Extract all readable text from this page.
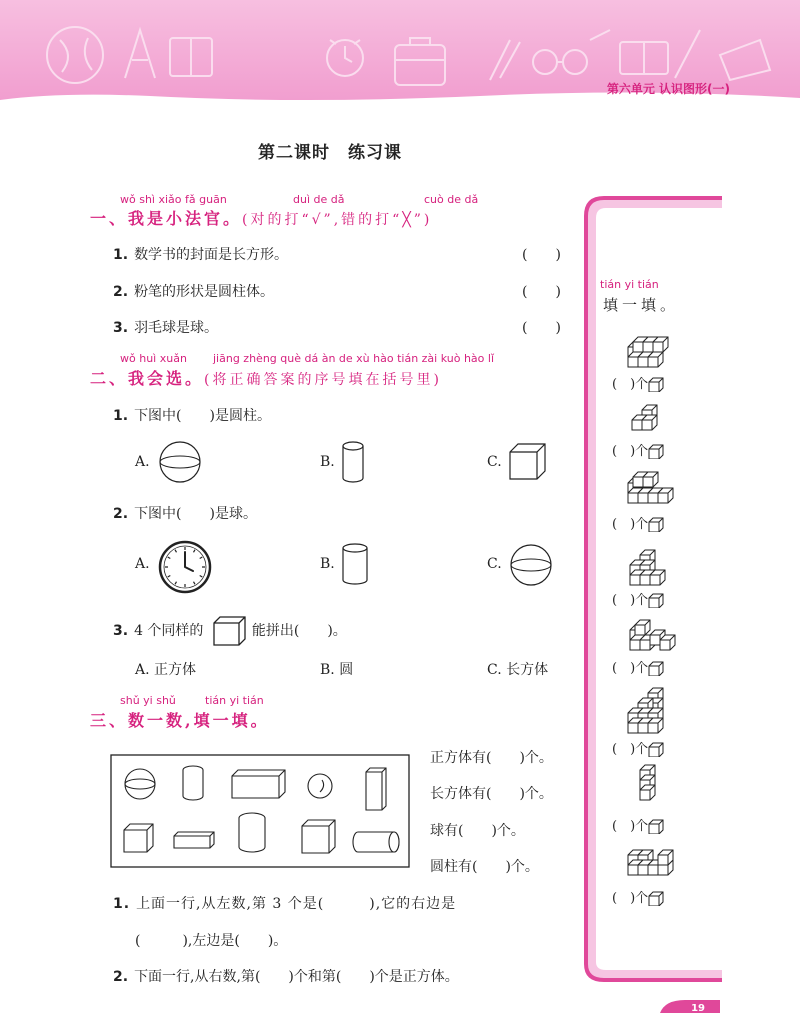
第六单元 认识图形(一)
第二课时　练习课
tián yi tián
填一填。
(　)个
(　)个
(　)个
(　)个
(　)个
(　)个
(　)个
(　)个
wǒ shì xiǎo fǎ guān	duì de dǎ	cuò de dǎ
一、我是小法官。(对的打“√”,错的打“╳”)
1. 数学书的封面是长方形。	(　　)
2. 粉笔的形状是圆柱体。	(　　)
3. 羽毛球是球。	(　　)
wǒ huì xuǎn jiāng zhèng què dá àn de xù hào tián zài kuò hào lǐ
二、我会选。(将正确答案的序号填在括号里)
1. 下图中(　　)是圆柱。
A.	B.	C.
2. 下图中(　　)是球。
A.	B.	C.
3. 4 个同样的	能拼出(　　)。
A. 正方体	B. 圆	C. 长方体
shǔ yi shǔ	tián yi tián
三、数一数,填一填。
正方体有(　　)个。
长方体有(　　)个。
球有(　　)个。
圆柱有(　　)个。
1. 上面一行,从左数,第 3 个是(　　　),它的右边是
(　　　),左边是(　　)。
2. 下面一行,从右数,第(　　)个和第(　　)个是正方体。
19
